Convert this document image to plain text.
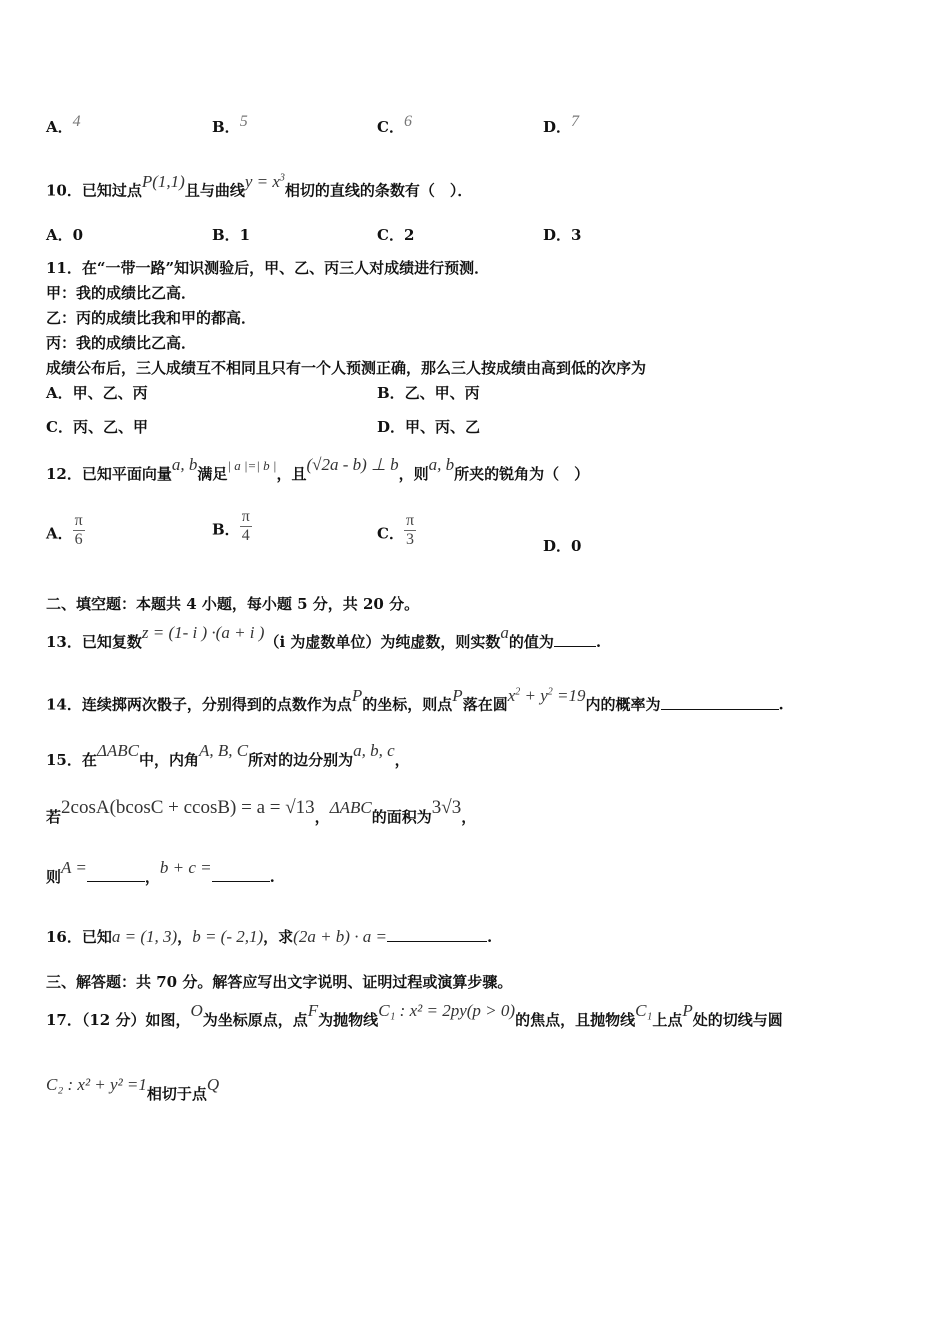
A．4	B．5	C．6	D．7
10．已知过点P(1,1)且与曲线$y = x^3$相切的直线的条数有（　）．
A．0	B．1	C．2	D．3
11．在“一带一路”知识测验后，甲、乙、丙三人对成绩进行预测．
甲：我的成绩比乙高．
乙：丙的成绩比我和甲的都高．
丙：我的成绩比乙高．
成绩公布后，三人成绩互不相同且只有一个人预测正确，那么三人按成绩由高到低的次序为
A．甲、乙、丙	B．乙、甲、丙
C．丙、乙、甲	D．甲、丙、乙
12．已知平面向量a, b满足| a |=| b |，且(√2a - b) ⊥ b，则a, b所夹的锐角为（　）
A． $\frac{\pi}{6}$	B． $\frac{\pi}{4}$	C． $\frac{\pi}{3}$	D．0
二、填空题：本题共 4 小题，每小题 5 分，共 20 分。
13．已知复数z = (1- i ) ·(a + i )（i 为虚数单位）为纯虚数，则实数a的值为	.
14．连续掷两次骰子，分别得到的点数作为点P的坐标，则点P落在圆$x^2 + y^2 =19$内的概率为	.
15．在ΔABC中，内角A, B, C所对的边分别为a, b, c，
若2cosA(bcosC + ccosB) = a = √13，ΔABC的面积为3√3，
则A =	，b + c =	.
16．已知a = (1, 3)，b = (- 2,1)，求(2a + b) · a =	.
三、解答题：共 70 分。解答应写出文字说明、证明过程或演算步骤。
17．（12 分）如图，O为坐标原点，点F为抛物线C₁ : x² = 2py(p > 0)的焦点，且抛物线C₁上点P处的切线与圆
C₂ : x² + y² =1相切于点Q
